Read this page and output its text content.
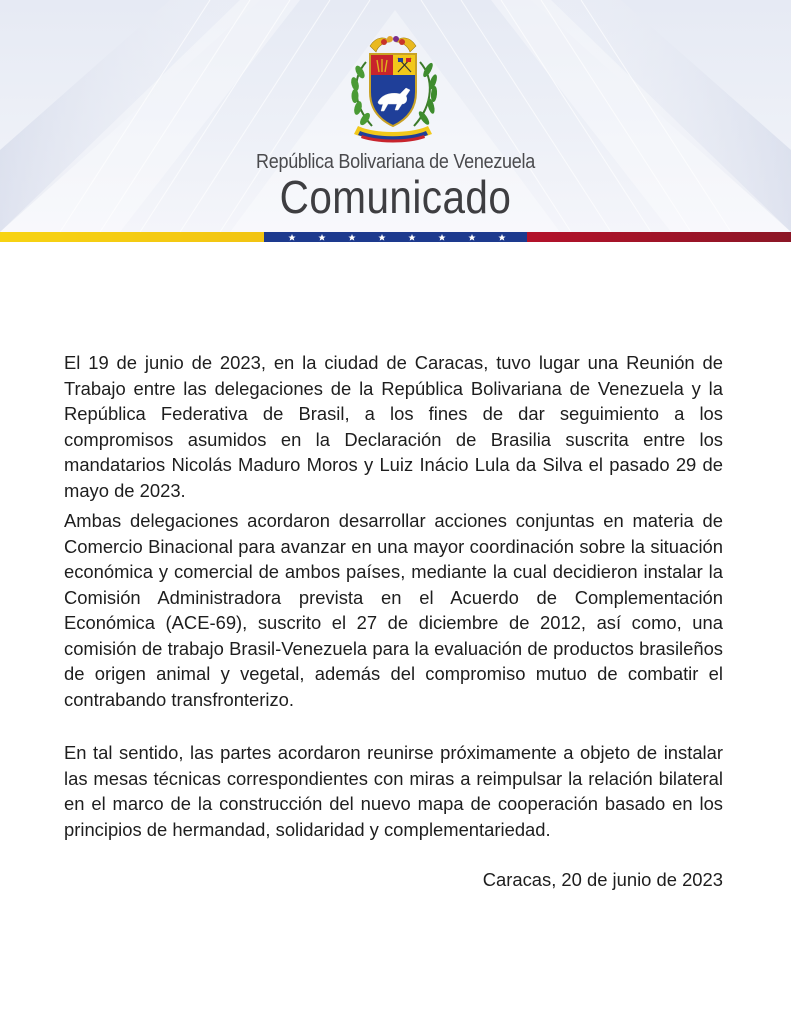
República Bolivariana de Venezuela
Comunicado

El 19 de junio de 2023, en la ciudad de Caracas, tuvo lugar una Reunión de Trabajo entre las delegaciones de la República Bolivariana de Venezuela y la República Federativa de Brasil, a los fines de dar seguimiento a los compromisos asumidos en la Declaración de Brasilia suscrita entre los mandatarios Nicolás Maduro Moros y Luiz Inácio Lula da Silva el pasado 29 de mayo de 2023.

Ambas delegaciones acordaron desarrollar acciones conjuntas en materia de Comercio Binacional para avanzar en una mayor coordinación sobre la situación económica y comercial de ambos países, mediante la cual decidieron instalar la Comisión Administradora prevista en el Acuerdo de Complementación Económica (ACE-69), suscrito el 27 de diciembre de 2012, así como, una comisión de trabajo Brasil-Venezuela para la evaluación de productos brasileños de origen animal y vegetal, además del compromiso mutuo de combatir el contrabando transfronterizo.

En tal sentido, las partes acordaron reunirse próximamente a objeto de instalar las mesas técnicas correspondientes con miras a reimpulsar la relación bilateral en el marco de la construcción del nuevo mapa de cooperación basado en los principios de hermandad, solidaridad y complementariedad.

Caracas, 20 de junio de 2023
